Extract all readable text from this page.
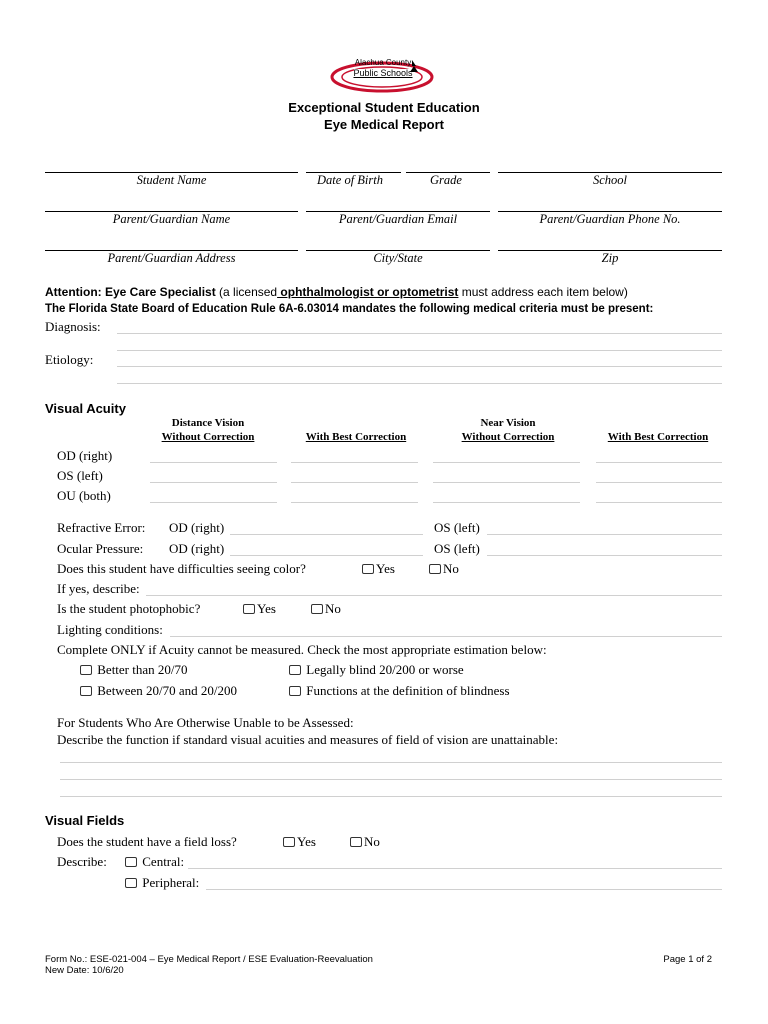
Alachua County
Public Schools
Exceptional Student Education
Eye Medical Report
Student Name	Date of Birth	Grade	School
Parent/Guardian Name	Parent/Guardian Email	Parent/Guardian Phone No.
Parent/Guardian Address	City/State	Zip
Attention: Eye Care Specialist (a licensed ophthalmologist or optometrist must address each item below)
The Florida State Board of Education Rule 6A-6.03014 mandates the following medical criteria must be present:
Diagnosis:
Etiology:
Visual Acuity
Distance Vision
Without Correction	With Best Correction
Near Vision
Without Correction	With Best Correction
OD (right)
OS (left)
OU (both)
Refractive Error: OD (right)	OS (left)
Ocular Pressure: OD (right)	OS (left)
Does this student have difficulties seeing color?	Yes	No
If yes, describe:
Is the student photophobic?	Yes	No
Lighting conditions:
Complete ONLY if Acuity cannot be measured. Check the most appropriate estimation below:
Better than 20/70	Legally blind 20/200 or worse
Between 20/70 and 20/200	Functions at the definition of blindness
For Students Who Are Otherwise Unable to be Assessed:
Describe the function if standard visual acuities and measures of field of vision are unattainable:
Visual Fields
Does the student have a field loss?	Yes	No
Describe:	Central:
Peripheral:
Form No.: ESE-021-004 – Eye Medical Report / ESE Evaluation-Reevaluation
New Date: 10/6/20
Page 1 of 2
